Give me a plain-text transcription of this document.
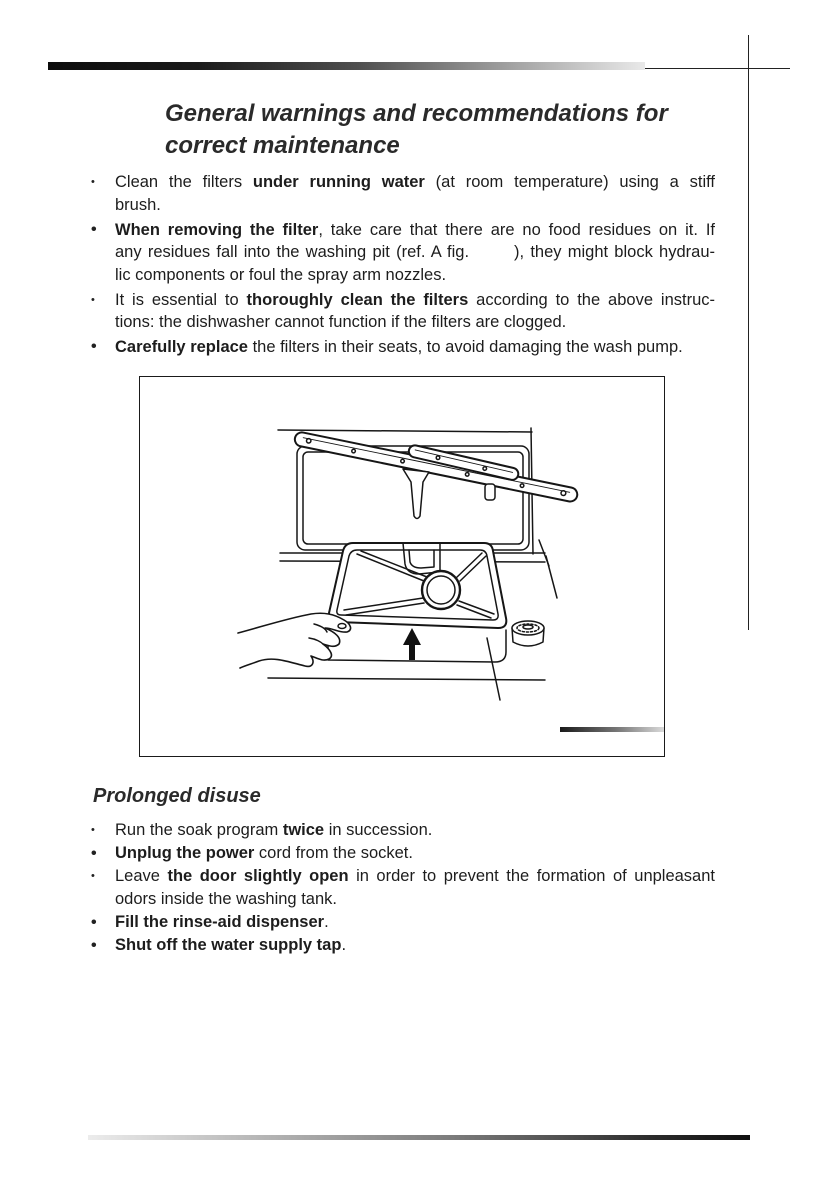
General warnings and recommendations for
correct maintenance
•	Clean the filters under running water (at room temperature) using a stiff
brush.
•	When removing the filter, take care that there are no food residues on it. If
any residues fall into the washing pit (ref. A fig.	), they might block hydrau-
lic components or foul the spray arm nozzles.
•	It is essential to thoroughly clean the filters according to the above instruc-
tions: the dishwasher cannot function if the filters are clogged.
•	Carefully replace the filters in their seats, to avoid damaging the wash pump.
Prolonged disuse
•	Run the soak program twice in succession.
•	Unplug the power cord from the socket.
•	Leave the door slightly open in order to prevent the formation of unpleasant
odors inside the washing tank.
•	Fill the rinse-aid dispenser.
•	Shut off the water supply tap.
